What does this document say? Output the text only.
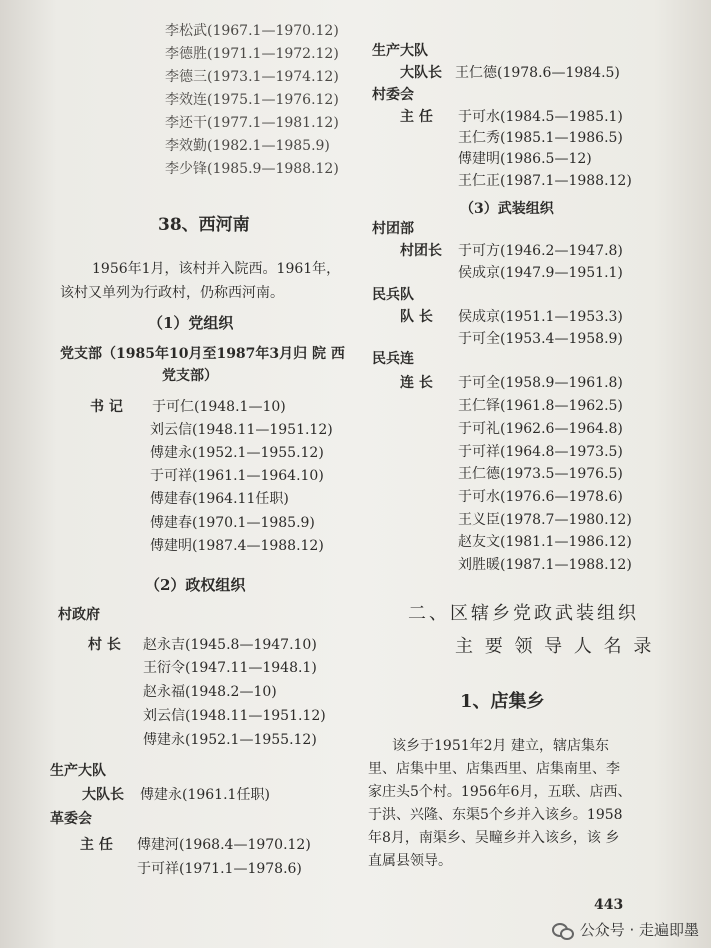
李松武(1967.1—1970.12)
李德胜(1971.1—1972.12)
李德三(1973.1—1974.12)
李效连(1975.1—1976.12)
李还干(1977.1—1981.12)
李效勤(1982.1—1985.9)
李少锋(1985.9—1988.12)
38、西河南
1956年1月，该村并入院西。1961年，
该村又单列为行政村，仍称西河南。
（1）党组织
党支部（1985年10月至1987年3月归 院 西
党支部）
书 记 于可仁(1948.1—10)
刘云信(1948.11—1951.12)
傅建永(1952.1—1955.12)
于可祥(1961.1—1964.10)
傅建春(1964.11任职)
傅建春(1970.1—1985.9)
傅建明(1987.4—1988.12)
（2）政权组织
村政府
村 长 赵永吉(1945.8—1947.10)
王衍令(1947.11—1948.1)
赵永福(1948.2—10)
刘云信(1948.11—1951.12)
傅建永(1952.1—1955.12)
生产大队
大队长 傅建永(1961.1任职)
革委会
主 任 傅建河(1968.4—1970.12)
于可祥(1971.1—1978.6)
生产大队
大队长 王仁德(1978.6—1984.5)
村委会
主 任 于可水(1984.5—1985.1)
王仁秀(1985.1—1986.5)
傅建明(1986.5—12)
王仁正(1987.1—1988.12)
（3）武装组织
村团部
村团长 于可方(1946.2—1947.8)
侯成京(1947.9—1951.1)
民兵队
队 长 侯成京(1951.1—1953.3)
于可全(1953.4—1958.9)
民兵连
连 长 于可全(1958.9—1961.8)
王仁铎(1961.8—1962.5)
于可礼(1962.6—1964.8)
于可祥(1964.8—1973.5)
王仁德(1973.5—1976.5)
于可水(1976.6—1978.6)
王义臣(1978.7—1980.12)
赵友文(1981.1—1986.12)
刘胜暖(1987.1—1988.12)
二、区辖乡党政武装组织
主 要 领 导 人 名 录
1、店集乡
该乡于1951年2月 建立，辖店集东
里、店集中里、店集西里、店集南里、李
家庄头5个村。1956年6月，五联、店西、
于洪、兴隆、东渠5个乡并入该乡。1958
年8月，南渠乡、吴疃乡并入该乡，该 乡
直属县领导。
443
公众号 · 走遍即墨
